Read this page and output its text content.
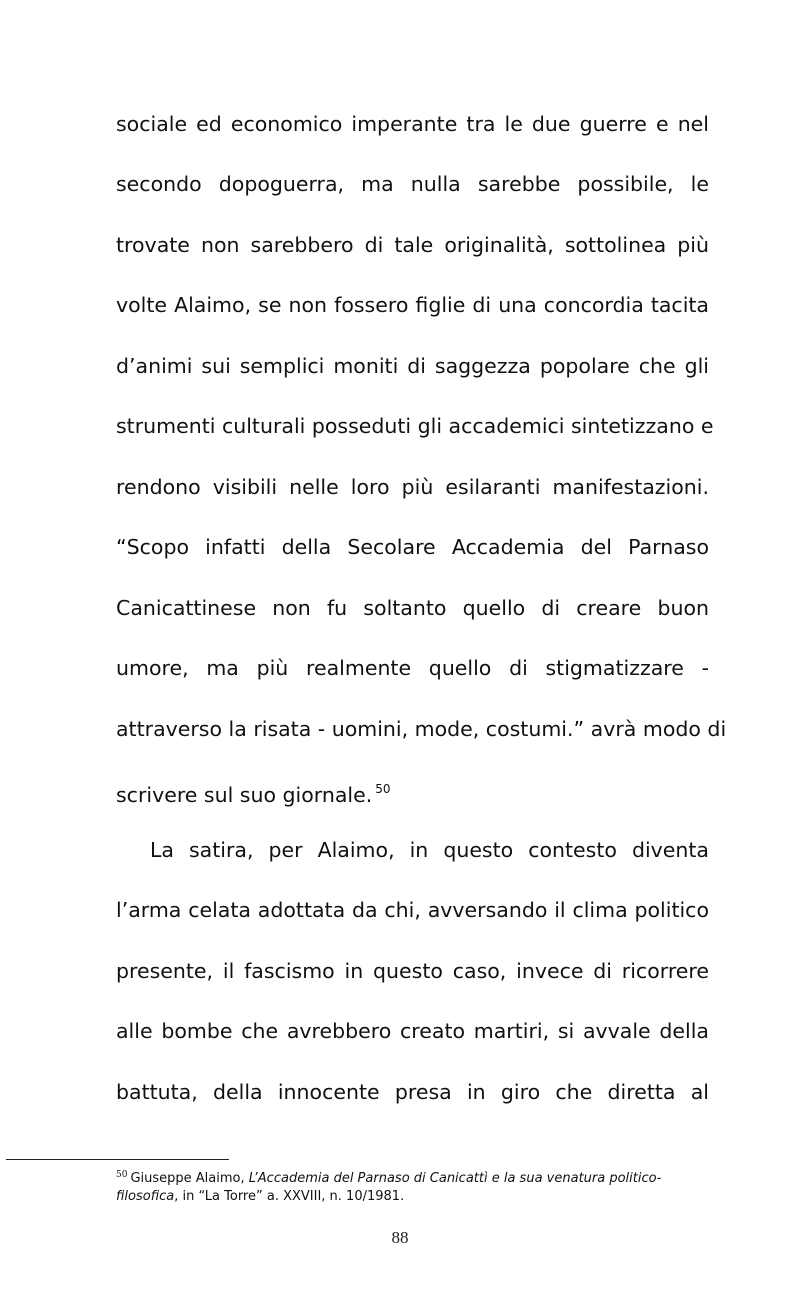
sociale ed economico imperante tra le due guerre e nel
secondo dopoguerra, ma nulla sarebbe possibile, le
trovate non sarebbero di tale originalità, sottolinea più
volte Alaimo, se non fossero figlie di una concordia tacita
d’animi sui semplici moniti di saggezza popolare che gli
strumenti culturali posseduti gli accademici sintetizzano e
rendono visibili nelle loro più esilaranti manifestazioni.
“Scopo infatti della Secolare Accademia del Parnaso
Canicattinese non fu soltanto quello di creare buon
umore, ma più realmente quello di stigmatizzare -
attraverso la risata - uomini, mode, costumi.” avrà modo di
scrivere sul suo giornale. $^{50}$
La satira, per Alaimo, in questo contesto diventa
l’arma celata adottata da chi, avversando il clima politico
presente, il fascismo in questo caso, invece di ricorrere
alle bombe che avrebbero creato martiri, si avvale della
battuta, della innocente presa in giro che diretta al
$^{50}$ Giuseppe Alaimo, L’Accademia del Parnaso di Canicattì e la sua venatura politico-
filosofica, in “La Torre” a. XXVIII, n. 10/1981.
88
